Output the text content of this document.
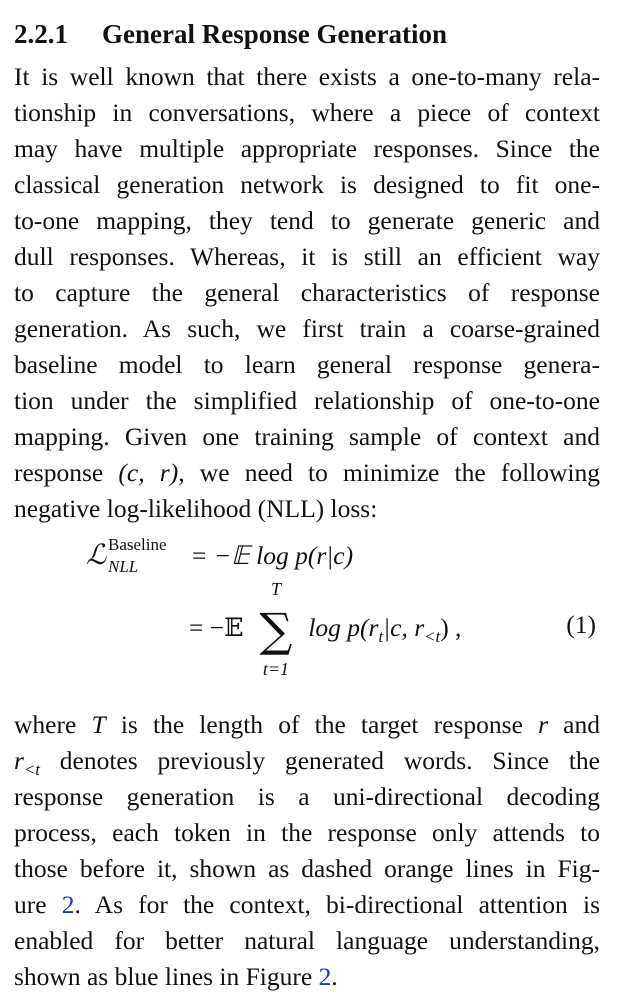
2.2.1 General Response Generation
It is well known that there exists a one-to-many rela-
tionship in conversations, where a piece of context
may have multiple appropriate responses. Since the
classical generation network is designed to fit one-
to-one mapping, they tend to generate generic and
dull responses. Whereas, it is still an efficient way
to capture the general characteristics of response
generation. As such, we first train a coarse-grained
baseline model to learn general response genera-
tion under the simplified relationship of one-to-one
mapping. Given one training sample of context and
response (c, r), we need to minimize the following
negative log-likelihood (NLL) loss:
ℒ Baseline
NLL = −𝔼 log p(r|c)
= −𝔼
T
∑
t=1
$\log p(r_t|c$, $r_{<t}$) ,	(1)
where T is the length of the target response r and
$r_{<t}$ denotes previously generated words. Since the
response generation is a uni-directional decoding
process, each token in the response only attends to
those before it, shown as dashed orange lines in Fig-
ure 2. As for the context, bi-directional attention is
enabled for better natural language understanding,
shown as blue lines in Figure 2.
